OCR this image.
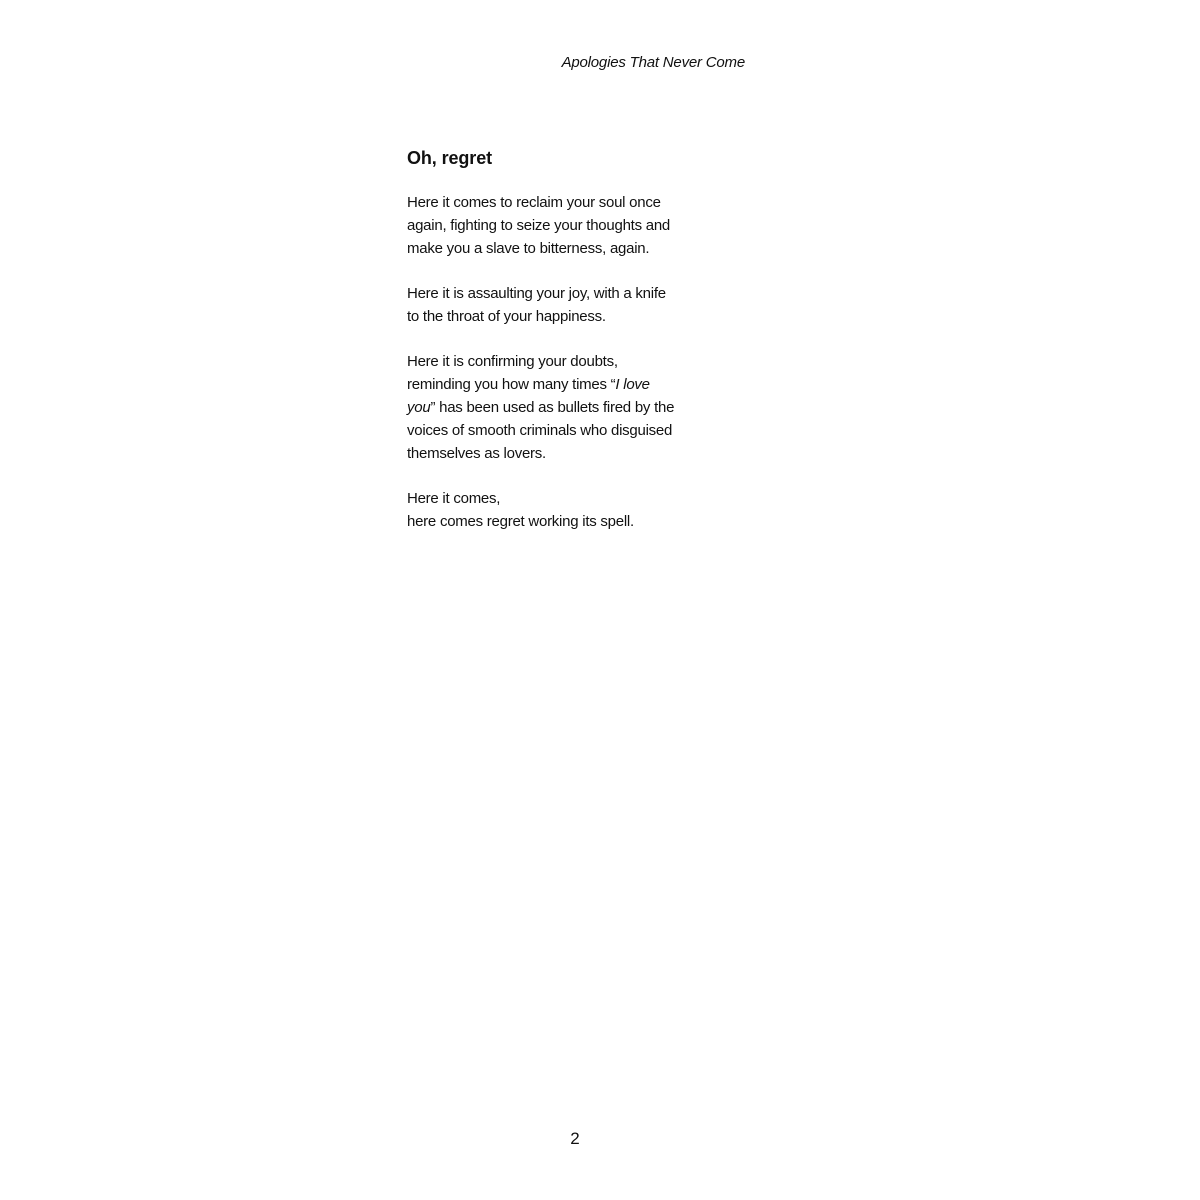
Apologies That Never Come
Oh, regret

Here it comes to reclaim your soul once
again, fighting to seize your thoughts and
make you a slave to bitterness, again.

Here it is assaulting your joy, with a knife
to the throat of your happiness.

Here it is confirming your doubts,
reminding you how many times “I love
you” has been used as bullets fired by the
voices of smooth criminals who disguised
themselves as lovers.

Here it comes,
here comes regret working its spell.

2
